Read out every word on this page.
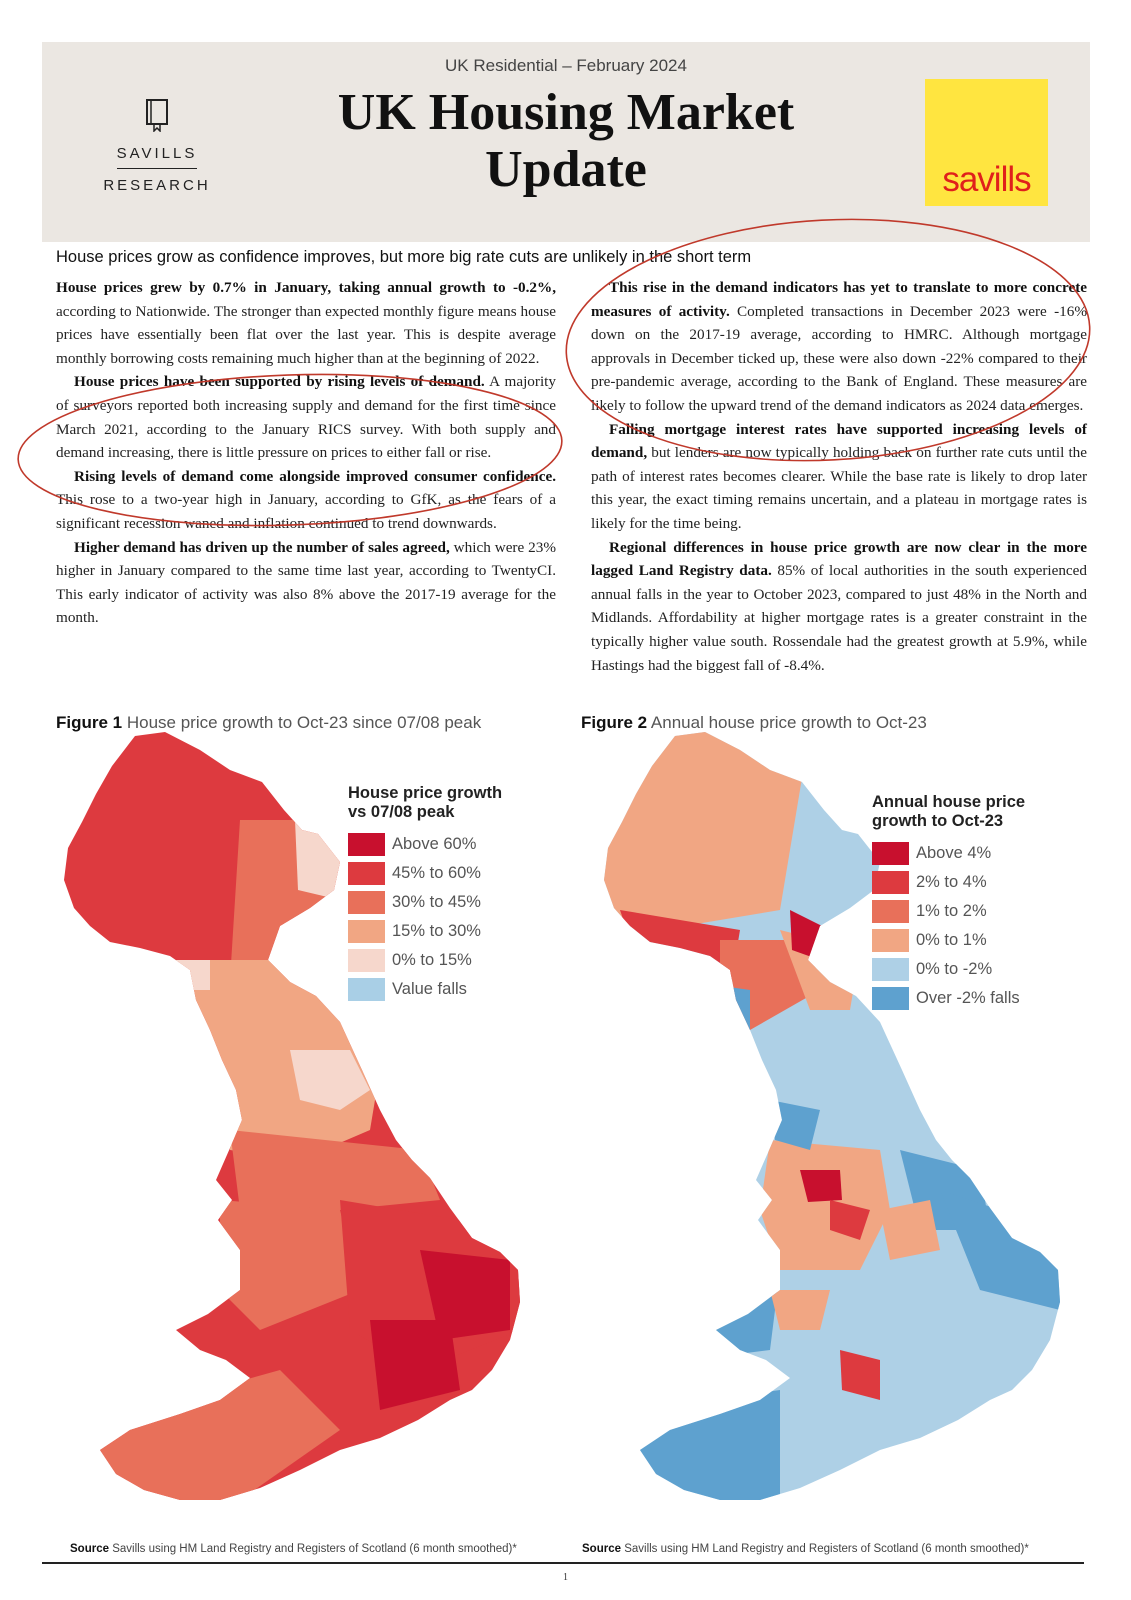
UK Residential – February 2024
UK Housing Market
Update
SAVILLS
RESEARCH	savills
House prices grow as confidence improves, but more big rate cuts are unlikely in the short term

House prices grew by 0.7% in January, taking annual growth to -0.2%, according to Nationwide. The stronger than expected monthly figure means house prices have essentially been flat over the last year. This is despite average monthly borrowing costs remaining much higher than at the beginning of 2022.

House prices have been supported by rising levels of demand. A majority of surveyors reported both increasing supply and demand for the first time since March 2021, according to the January RICS survey. With both supply and demand increasing, there is little pressure on prices to either fall or rise.

Rising levels of demand come alongside improved consumer confidence. This rose to a two-year high in January, according to GfK, as the fears of a significant recession waned and inflation continued to trend downwards.

Higher demand has driven up the number of sales agreed, which were 23% higher in January compared to the same time last year, according to TwentyCI. This early indicator of activity was also 8% above the 2017-19 average for the month.

This rise in the demand indicators has yet to translate to more concrete measures of activity. Completed transactions in December 2023 were -16% down on the 2017-19 average, according to HMRC. Although mortgage approvals in December ticked up, these were also down -22% compared to their pre-pandemic average, according to the Bank of England. These measures are likely to follow the upward trend of the demand indicators as 2024 data emerges.

Falling mortgage interest rates have supported increasing levels of demand, but lenders are now typically holding back on further rate cuts until the path of interest rates becomes clearer. While the base rate is likely to drop later this year, the exact timing remains uncertain, and a plateau in mortgage rates is likely for the time being.

Regional differences in house price growth are now clear in the more lagged Land Registry data. 85% of local authorities in the south experienced annual falls in the year to October 2023, compared to just 48% in the North and Midlands. Affordability at higher mortgage rates is a greater constraint in the typically higher value south. Rossendale had the greatest growth at 5.9%, while Hastings had the biggest fall of -8.4%.

Figure 1 House price growth to Oct-23 since 07/08 peak	Figure 2 Annual house price growth to Oct-23
House price growth
vs 07/08 peak
Above 60%
45% to 60%
30% to 45%
15% to 30%
0% to 15%
Value falls
Annual house price
growth to Oct-23
Above 4%
2% to 4%
1% to 2%
0% to 1%
0% to -2%
Over -2% falls
Source Savills using HM Land Registry and Registers of Scotland (6 month smoothed)*	Source Savills using HM Land Registry and Registers of Scotland (6 month smoothed)*
1
